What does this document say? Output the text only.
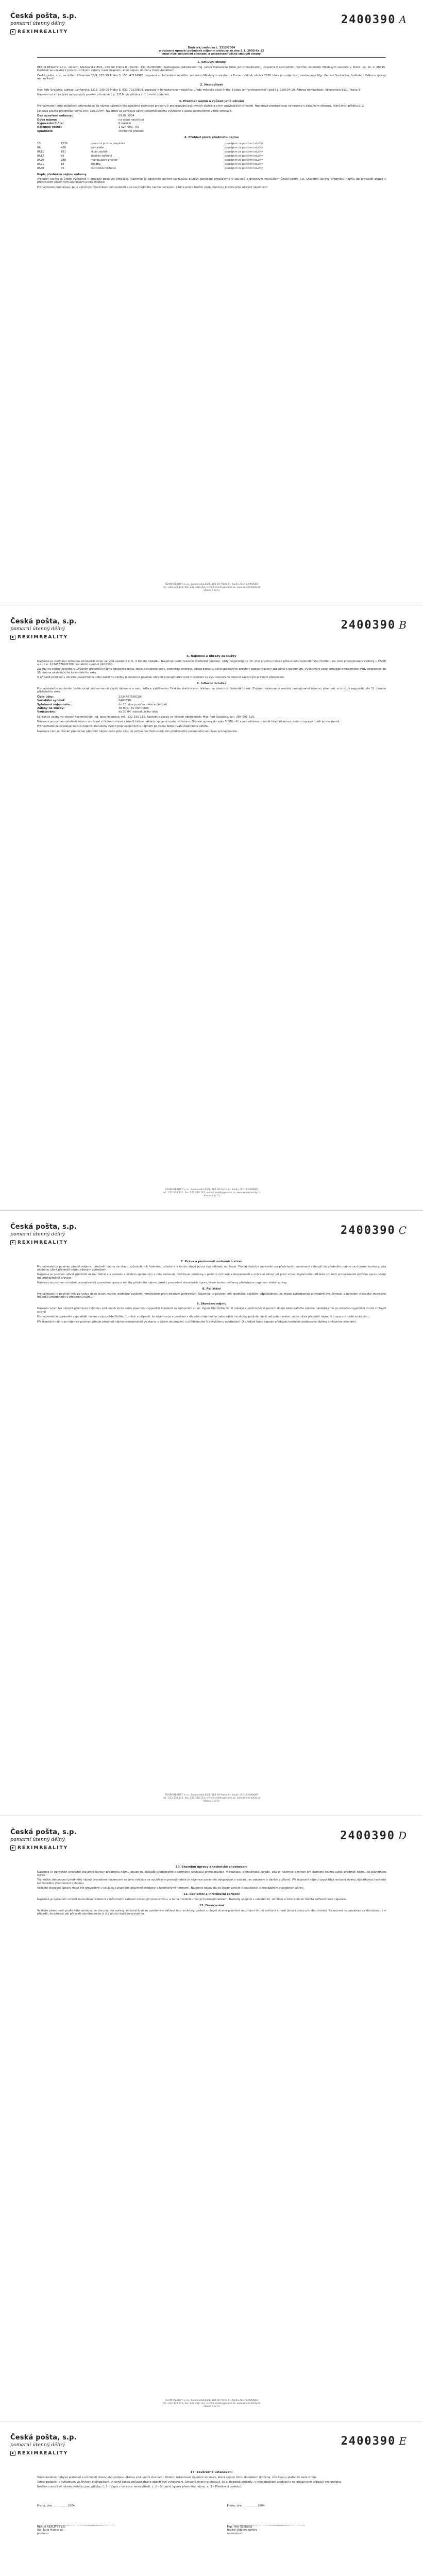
Česká pošta, s.p.
pomarní útenný dělný
REXIMREALITY
2400390 A
Dodatek/ smlouva č. 3312/2004
o dočasné úpravě/ podmínek nájemní smlouvy ze dne 2.1. 2000 Ke 12
mezi níže smluvními stranami a ustanovení věčné smluvní strany
1. Smluvní strany

REXIM REALITY s.r.o., sídlem: Sokolovská 85/1, 186 00 Praha 8 - Karlín, IČO: 62490680, zastoupená jednatelem Ing. Janou Halasovou (dále jen pronajímatel), zapsaná v obchodním rejstříku vedeném Městským soudem v Praze, sp. zn. C 28595. Dodatek se uzavírá k provozu smluvní vztahy mezi stranami, kteří nejsou dotčeny tímto dodatkem.

Česká pošta, s.p., se sídlem Olšanská 38/9, 225 99 Praha 3, IČO: 47114983, zapsaná v obchodním rejstříku vedeném Městským soudem v Praze, oddíl A, vložka 7565 (dále jen nájemce), zastoupena Mgr. Petrem Svobodou, ředitelem Odboru správy nemovitostí.

2. Nemovitost

Mgr. Petr Svoboda, adresa: Letňanská 1219, 190 00 Praha 9, IČO: 70239809, zapsaný v živnostenském rejstříku Úřadu městské části Praha 9 (dále jen 'provozovatel') pod č.j. 310504/19. Adresa nemovitosti: Sokolovská 85/1, Praha 8.

Nájemní vztah se týká nebytových prostor v budově č.p. 1219 (viz příloha č. 1 tohoto dodatku).

3. Předmět nájmu a způsob jeho užívání

Pronajímatel tímto dodatkem přenechává do nájmu nájemci níže uvedené nebytové prostory k provozování poštovních služeb a s tím souvisejících činností. Nebytové prostory jsou vymezeny v situačním výkresu, který tvoří přílohu č. 2.

Celková plocha předmětu nájmu činí: 320,00 m². Nájemce se zavazuje užívat předmět nájmu výhradně k účelu sjednanému v této smlouvě.

Den uzavření smlouvy:	09.09.2004
Doba nájmu:	na dobu neurčitou
Výpovědní lhůta:	6 měsíců
Nájemné ročně:	1 024 000,- Kč
Splatnost:	čtvrtletně předem
4. Přehled ploch předmětu nájmu
10	1236	provozní plocha přepážek	pronájem za poštovní služby
8A	420	kanceláře	pronájem za poštovní služby
8A11	161	sklad zásilek	pronájem za poštovní služby
8A12	56	sociální zařízení	pronájem za poštovní služby
8A20	288	manipulační prostor	pronájem za poštovní služby
8A21	18	chodba	pronájem za poštovní služby
8A30	76	technická místnost	pronájem za poštovní služby

Popis předmětu nájmu smlouvy

Předmět nájmu je určen výhradně k provozu poštovní přepážky. Nájemce je oprávněn umístit na fasádu budovy označení provozovny v souladu s grafickým manuálem České pošty, s.p. Stavební úpravy předmětu nájmu lze provádět pouze s předchozím písemným souhlasem pronajímatele.

Pronajímatel prohlašuje, že je výlučným vlastníkem nemovitosti a že na předmětu nájmu neváznou žádná práva třetích osob, která by bránila jeho užívání nájemcem.

REXIM REALITY s.r.o., Sokolovská 85/1, 186 00 Praha 8 - Karlín, IČO: 62490680
tel.: 222 330 111, fax: 222 330 112, e-mail: reality@rexim.cz, www.reximreality.cz
Strana 1 (z 5)
Česká pošta, s.p.
pomarní útenný dělný
REXIMREALITY
2400390 B
5. Nájemné a úhrady za služby

Nájemné je sjednáno dohodou smluvních stran ve výši uvedené v čl. 3 tohoto dodatku. Nájemné bude hrazeno čtvrtletně předem, vždy nejpozději do 15. dne prvního měsíce příslušného kalendářního čtvrtletí, na účet pronajímatele vedený u ČSOB a.s., č.ú. 123456789/0300, variabilní symbol 2400390.

Zálohy na služby spojené s užíváním předmětu nájmu (dodávka tepla, teplé a studené vody, elektrické energie, odvoz odpadu, úklid společných prostor) budou hrazeny společně s nájemným. Vyúčtování záloh provede pronajímatel vždy nejpozději do 30. dubna následujícího kalendářního roku.

V případě prodlení s úhradou nájemného nebo záloh na služby je nájemce povinen uhradit pronajímateli úrok z prodlení ve výši stanovené obecně závazným právním předpisem.

6. Inflační doložka

Pronajímatel je oprávněn každoročně jednostranně zvýšit nájemné o míru inflace vyhlášenou Českým statistickým úřadem za předchozí kalendářní rok. Zvýšení nájemného oznámí pronajímatel nájemci písemně, a to vždy nejpozději do 31. března příslušného roku.

Číslo účtu:	123456789/0300
Variabilní symbol:	2400390
Splatnost nájemného:	do 15. dne prvního měsíce čtvrtletí
Zálohy na služby:	48 000,- Kč čtvrtletně
Vyúčtování:	do 30.04. následujícího roku

Kontaktní osoby ve věcech technických: Ing. Jana Halasová, tel.: 222 330 115. Kontaktní osoby ve věcech obchodních: Mgr. Petr Svoboda, tel.: 284 000 219.

Nájemce je povinen předmět nájmu udržovat v řádném stavu a hradit běžné náklady spojené s jeho užíváním. Drobné opravy do výše 5 000,- Kč v jednotlivém případě hradí nájemce, ostatní opravy hradí pronajímatel.

Pronajímatel se zavazuje zajistit nájemci nerušený výkon práv spojených s nájmem po celou dobu trvání nájemního vztahu.

Nájemce není oprávněn přenechat předmět nájmu nebo jeho část do podnájmu třetí osobě bez předchozího písemného souhlasu pronajímatele.

REXIM REALITY s.r.o., Sokolovská 85/1, 186 00 Praha 8 - Karlín, IČO: 62490680
tel.: 222 330 111, fax: 222 330 112, e-mail: reality@rexim.cz, www.reximreality.cz
Strana 2 (z 5)
Česká pošta, s.p.
pomarní útenný dělný
REXIMREALITY
2400390 C
7. Práva a povinnosti smluvních stran

Pronajímatel je povinen předat nájemci předmět nájmu ve stavu způsobilém k řádnému užívání a v tomto stavu jej na své náklady udržovat. Pronajímatel je oprávněn po předchozím oznámení vstoupit do předmětu nájmu za účelem kontroly, zda nájemce užívá předmět nájmu řádným způsobem.

Nájemce je povinen užívat předmět nájmu řádně a v souladu s účelem sjednaným v této smlouvě, dodržovat předpisy o požární ochraně a bezpečnosti a ochraně zdraví při práci a bez zbytečného odkladu oznámit pronajímateli potřebu oprav, které má pronajímatel provést.

Nájemce je povinen umožnit pronajímateli provedení oprav a údržby předmětu nájmu, jakož i provedení stavebních úprav, které budou nařízeny příslušným orgánem státní správy.

8. Pojištění

Pronajímatel je povinen mít po celou dobu trvání nájmu sjednáno pojištění nemovitosti proti živelním pohromám. Nájemce je povinen mít sjednáno pojištění odpovědnosti za škodu způsobenou provozem své činnosti a pojištění vlastního movitého majetku umístěného v předmětu nájmu.

9. Skončení nájmu

Nájemní vztah lze ukončit písemnou dohodou smluvních stran nebo písemnou výpovědí kterékoli ze smluvních stran. Výpovědní lhůta činí 6 měsíců a počíná běžet prvním dnem kalendářního měsíce následujícího po doručení výpovědi druhé smluvní straně.

Pronajímatel je oprávněn vypovědět nájem s výpovědní lhůtou 1 měsíc v případě, že nájemce je v prodlení s úhradou nájemného nebo záloh na služby po dobu delší než jeden měsíc, nebo užívá předmět nájmu v rozporu s touto smlouvou.

Při skončení nájmu je nájemce povinen předat předmět nájmu pronajímateli ve stavu, v jakém jej převzal, s přihlédnutím k obvyklému opotřebení. O předání bude sepsán předávací protokol podepsaný oběma smluvními stranami.

REXIM REALITY s.r.o., Sokolovská 85/1, 186 00 Praha 8 - Karlín, IČO: 62490680
tel.: 222 330 111, fax: 222 330 112, e-mail: reality@rexim.cz, www.reximreality.cz
Strana 3 (z 5)
Česká pošta, s.p.
pomarní útenný dělný
REXIMREALITY
2400390 D
10. Stavební úpravy a technické zhodnocení

Nájemce je oprávněn provádět stavební úpravy předmětu nájmu pouze na základě předchozího písemného souhlasu pronajímatele. V souhlasu pronajímatel uvede, zda je nájemce povinen při skončení nájmu uvést předmět nájmu do původního stavu.

Technické zhodnocení předmětu nájmu provedené nájemcem na jeho náklady se souhlasem pronajímatele je nájemce oprávněn odepisovat v souladu se zákonem o daních z příjmů. Při skončení nájmu vypořádají smluvní strany zůstatkovou hodnotu technického zhodnocení dohodou.

Veškeré stavební úpravy musí být provedeny v souladu s platnými právními předpisy a technickými normami. Nájemce odpovídá za škody vzniklé v souvislosti s prováděním stavebních úprav.

11. Reklamní a informační zařízení

Nájemce je oprávněn umístit na budovu reklamní a informační zařízení označující provozovnu, a to na místech určených pronajímatelem. Náklady spojené s umístěním, údržbou a odstraněním těchto zařízení nese nájemce.

12. Doručování

Veškeré písemnosti podle této smlouvy se doručují na adresy smluvních stran uvedené v záhlaví této smlouvy, pokud smluvní strana písemně neoznámí druhé smluvní straně jinou adresu pro doručování. Písemnost se považuje za doručenou i v případě, že adresát její převzetí odmítne nebo si ji v úložní době nevyzvedne.

REXIM REALITY s.r.o., Sokolovská 85/1, 186 00 Praha 8 - Karlín, IČO: 62490680
tel.: 222 330 111, fax: 222 330 112, e-mail: reality@rexim.cz, www.reximreality.cz
Strana 4 (z 5)
Česká pošta, s.p.
pomarní útenný dělný
REXIMREALITY
2400390 E
13. Závěrečná ustanovení

Tento dodatek nabývá platnosti a účinnosti dnem jeho podpisu oběma smluvními stranami. Ostatní ustanovení nájemní smlouvy, která nejsou tímto dodatkem dotčena, zůstávají v platnosti beze změn.

Tento dodatek je vyhotoven ve čtyřech stejnopisech, z nichž každá smluvní strana obdrží dvě vyhotovení. Smluvní strany prohlašují, že si dodatek přečetly, s jeho obsahem souhlasí a na důkaz toho připojují své podpisy.

Nedílnou součástí tohoto dodatku jsou přílohy: č. 1 – Výpis z katastru nemovitostí, č. 2 – Situační výkres předmětu nájmu, č. 3 – Předávací protokol.

Praha, dne …………… 2004
REXIM REALITY s.r.o.
Ing. Jana Halasová
jednatel
Praha, dne …………… 2004
Mgr. Petr Svoboda
ředitel Odboru správy
nemovitostí
